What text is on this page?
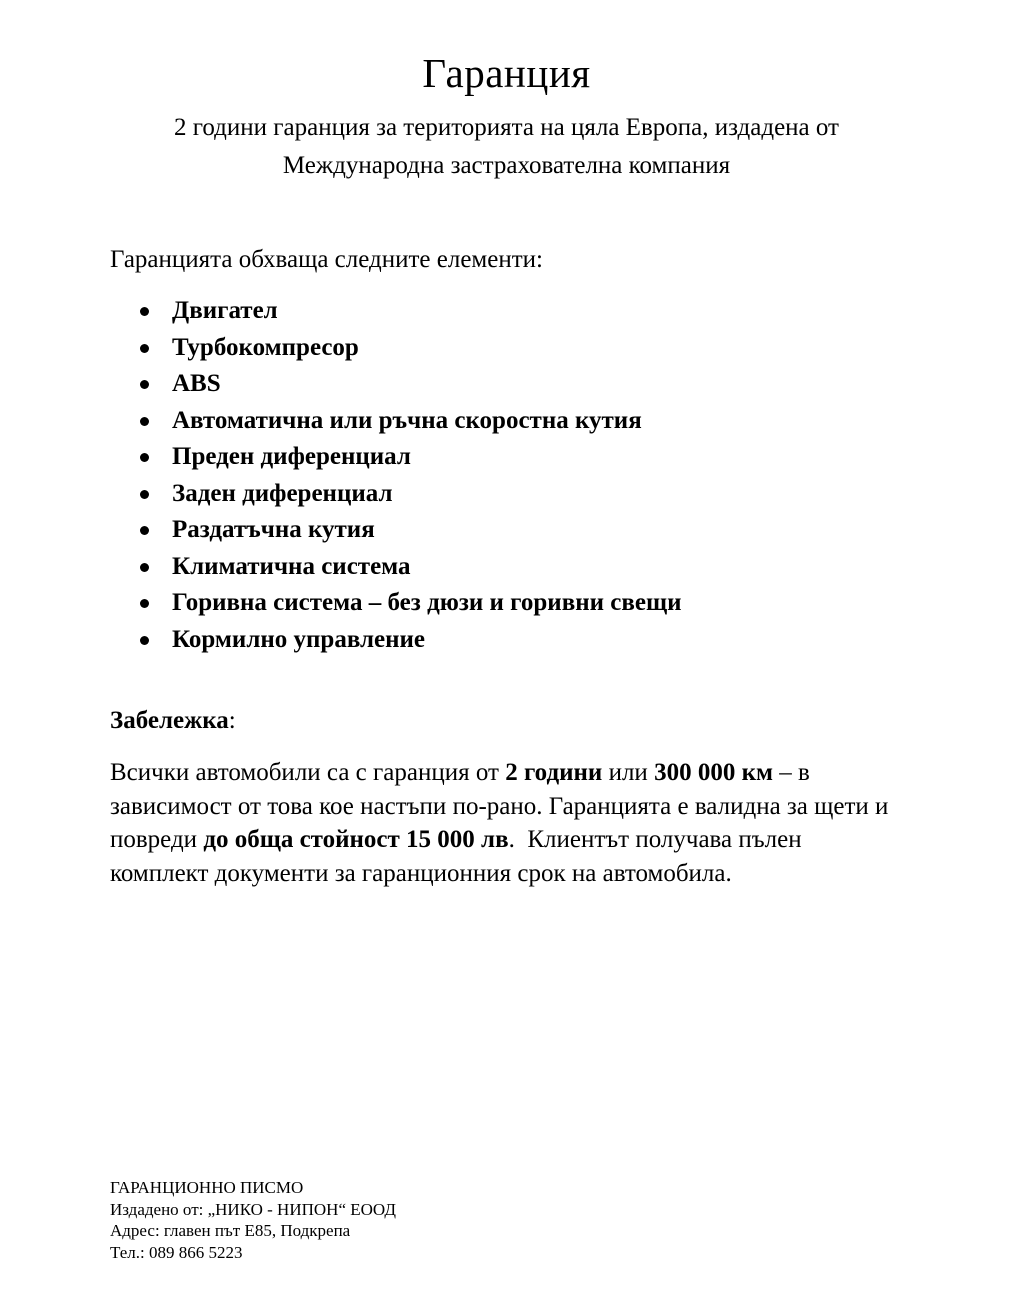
Гаранция
2 години гаранция за територията на цяла Европа, издадена от
Международна застрахователна компания

Гаранцията обхваща следните елементи:

Двигател
Турбокомпресор
ABS
Автоматична или ръчна скоростна кутия
Преден диференциал
Заден диференциал
Раздатъчна кутия
Климатична система
Горивна система – без дюзи и горивни свещи
Кормилно управление

Забележка:

Всички автомобили са с гаранция от 2 години или 300 000 км – в зависимост от това кое настъпи по-рано. Гаранцията е валидна за щети и повреди до обща стойност 15 000 лв.  Клиентът получава пълен комплект документи за гаранционния срок на автомобила.

ГАРАНЦИОННО ПИСМО
Издадено от: „НИКО - НИПОН“ ЕООД
Адрес: главен път Е85, Подкрепа
Тел.: 089 866 5223
